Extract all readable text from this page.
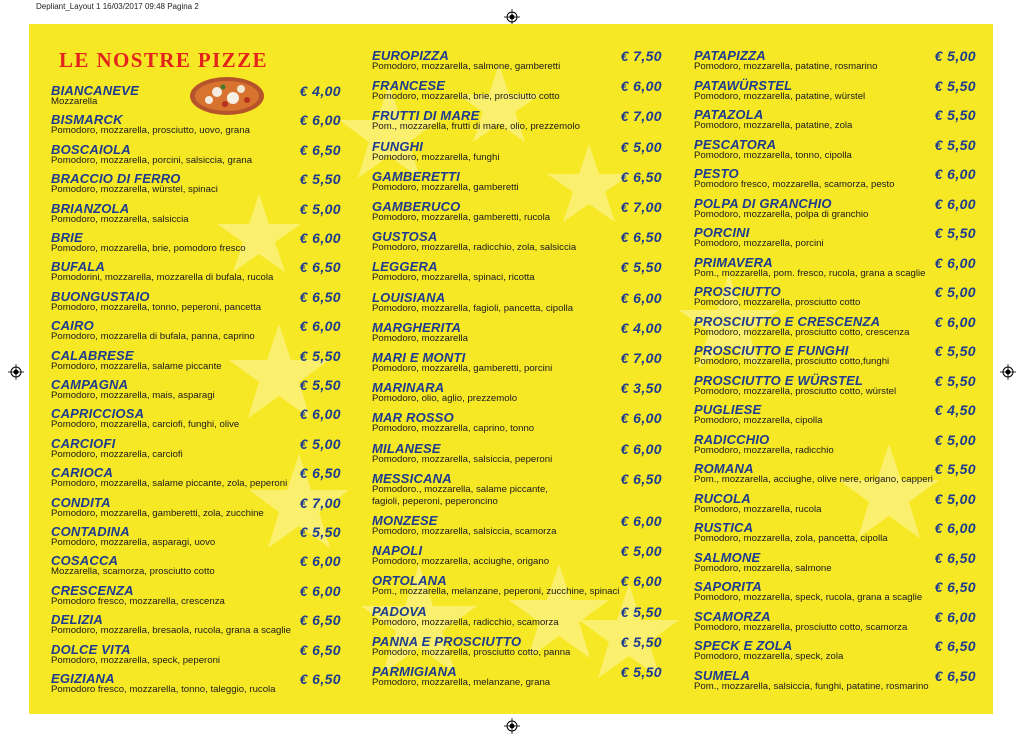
Depliant_Layout 1 16/03/2017 09:48 Pagina 2
LE NOSTRE PIZZE
BIANCANEVE	€ 4,00
Mozzarella
BISMARCK	€ 6,00
Pomodoro, mozzarella, prosciutto, uovo, grana
BOSCAIOLA	€ 6,50
Pomodoro, mozzarella, porcini, salsiccia, grana
BRACCIO DI FERRO	€ 5,50
Pomodoro, mozzarella, würstel, spinaci
BRIANZOLA	€ 5,00
Pomodoro, mozzarella, salsiccia
BRIE	€ 6,00
Pomodoro, mozzarella, brie, pomodoro fresco
BUFALA	€ 6,50
Pomodorini, mozzarella, mozzarella di bufala, rucola
BUONGUSTAIO	€ 6,50
Pomodoro, mozzarella, tonno, peperoni, pancetta
CAIRO	€ 6,00
Pomodoro, mozzarella di bufala, panna, caprino
CALABRESE	€ 5,50
Pomodoro, mozzarella, salame piccante
CAMPAGNA	€ 5,50
Pomodoro, mozzarella, mais, asparagi
CAPRICCIOSA	€ 6,00
Pomodoro, mozzarella, carciofi, funghi, olive
CARCIOFI	€ 5,00
Pomodoro, mozzarella, carciofi
CARIOCA	€ 6,50
Pomodoro, mozzarella, salame piccante, zola, peperoni
CONDITA	€ 7,00
Pomodoro, mozzarella, gamberetti, zola, zucchine
CONTADINA	€ 5,50
Pomodoro, mozzarella, asparagi, uovo
COSACCA	€ 6,00
Mozzarella, scamorza, prosciutto cotto
CRESCENZA	€ 6,00
Pomodoro fresco, mozzarella, crescenza
DELIZIA	€ 6,50
Pomodoro, mozzarella, bresaola, rucola, grana a scaglie
DOLCE VITA	€ 6,50
Pomodoro, mozzarella, speck, peperoni
EGIZIANA	€ 6,50
Pomodoro fresco, mozzarella, tonno, taleggio, rucola
EUROPIZZA	€ 7,50
Pomodoro, mozzarella, salmone, gamberetti
FRANCESE	€ 6,00
Pomodoro, mozzarella, brie, prosciutto cotto
FRUTTI DI MARE	€ 7,00
Pom., mozzarella, frutti di mare, olio, prezzemolo
FUNGHI	€ 5,00
Pomodoro, mozzarella, funghi
GAMBERETTI	€ 6,50
Pomodoro, mozzarella, gamberetti
GAMBERUCO	€ 7,00
Pomodoro, mozzarella, gamberetti, rucola
GUSTOSA	€ 6,50
Pomodoro, mozzarella, radicchio, zola, salsiccia
LEGGERA	€ 5,50
Pomodoro, mozzarella, spinaci, ricotta
LOUISIANA	€ 6,00
Pomodoro, mozzarella, fagioli, pancetta, cipolla
MARGHERITA	€ 4,00
Pomodoro, mozzarella
MARI E MONTI	€ 7,00
Pomodoro, mozzarella, gamberetti, porcini
MARINARA	€ 3,50
Pomodoro, olio, aglio, prezzemolo
MAR ROSSO	€ 6,00
Pomodoro, mozzarella, caprino, tonno
MILANESE	€ 6,00
Pomodoro, mozzarella, salsiccia, peperoni
MESSICANA	€ 6,50
Pomodoro., mozzarella, salame piccante,
fagioli, peperoni, peperoncino
MONZESE	€ 6,00
Pomodoro, mozzarella, salsiccia, scamorza
NAPOLI	€ 5,00
Pomodoro, mozzarella, acciughe, origano
ORTOLANA	€ 6,00
Pom., mozzarella, melanzane, peperoni, zucchine, spinaci
PADOVA	€ 5,50
Pomodoro, mozzarella, radicchio, scamorza
PANNA E PROSCIUTTO	€ 5,50
Pomodoro, mozzarella, prosciutto cotto, panna
PARMIGIANA	€ 5,50
Pomodoro, mozzarella, melanzane, grana
PATAPIZZA	€ 5,00
Pomodoro, mozzarella, patatine, rosmarino
PATAWÜRSTEL	€ 5,50
Pomodoro, mozzarella, patatine, würstel
PATAZOLA	€ 5,50
Pomodoro, mozzarella, patatine, zola
PESCATORA	€ 5,50
Pomodoro, mozzarella, tonno, cipolla
PESTO	€ 6,00
Pomodoro fresco, mozzarella, scamorza, pesto
POLPA DI GRANCHIO	€ 6,00
Pomodoro, mozzarella, polpa di granchio
PORCINI	€ 5,50
Pomodoro, mozzarella, porcini
PRIMAVERA	€ 6,00
Pom., mozzarella, pom. fresco, rucola, grana a scaglie
PROSCIUTTO	€ 5,00
Pomodoro, mozzarella, prosciutto cotto
PROSCIUTTO E CRESCENZA	€ 6,00
Pomodoro, mozzarella, prosciutto cotto, crescenza
PROSCIUTTO E FUNGHI	€ 5,50
Pomodoro, mozzarella, prosciutto cotto,funghi
PROSCIUTTO E WÜRSTEL	€ 5,50
Pomodoro, mozzarella, prosciutto cotto, würstel
PUGLIESE	€ 4,50
Pomodoro, mozzarella, cipolla
RADICCHIO	€ 5,00
Pomodoro, mozzarella, radicchio
ROMANA	€ 5,50
Pom., mozzarella, acciughe, olive nere, origano, capperi
RUCOLA	€ 5,00
Pomodoro, mozzarella, rucola
RUSTICA	€ 6,00
Pomodoro, mozzarella, zola, pancetta, cipolla
SALMONE	€ 6,50
Pomodoro, mozzarella, salmone
SAPORITA	€ 6,50
Pomodoro, mozzarella, speck, rucola, grana a scaglie
SCAMORZA	€ 6,00
Pomodoro, mozzarella, prosciutto cotto, scamorza
SPECK E ZOLA	€ 6,50
Pomodoro, mozzarella, speck, zola
SUMELA	€ 6,50
Pom., mozzarella, salsiccia, funghi, patatine, rosmarino
